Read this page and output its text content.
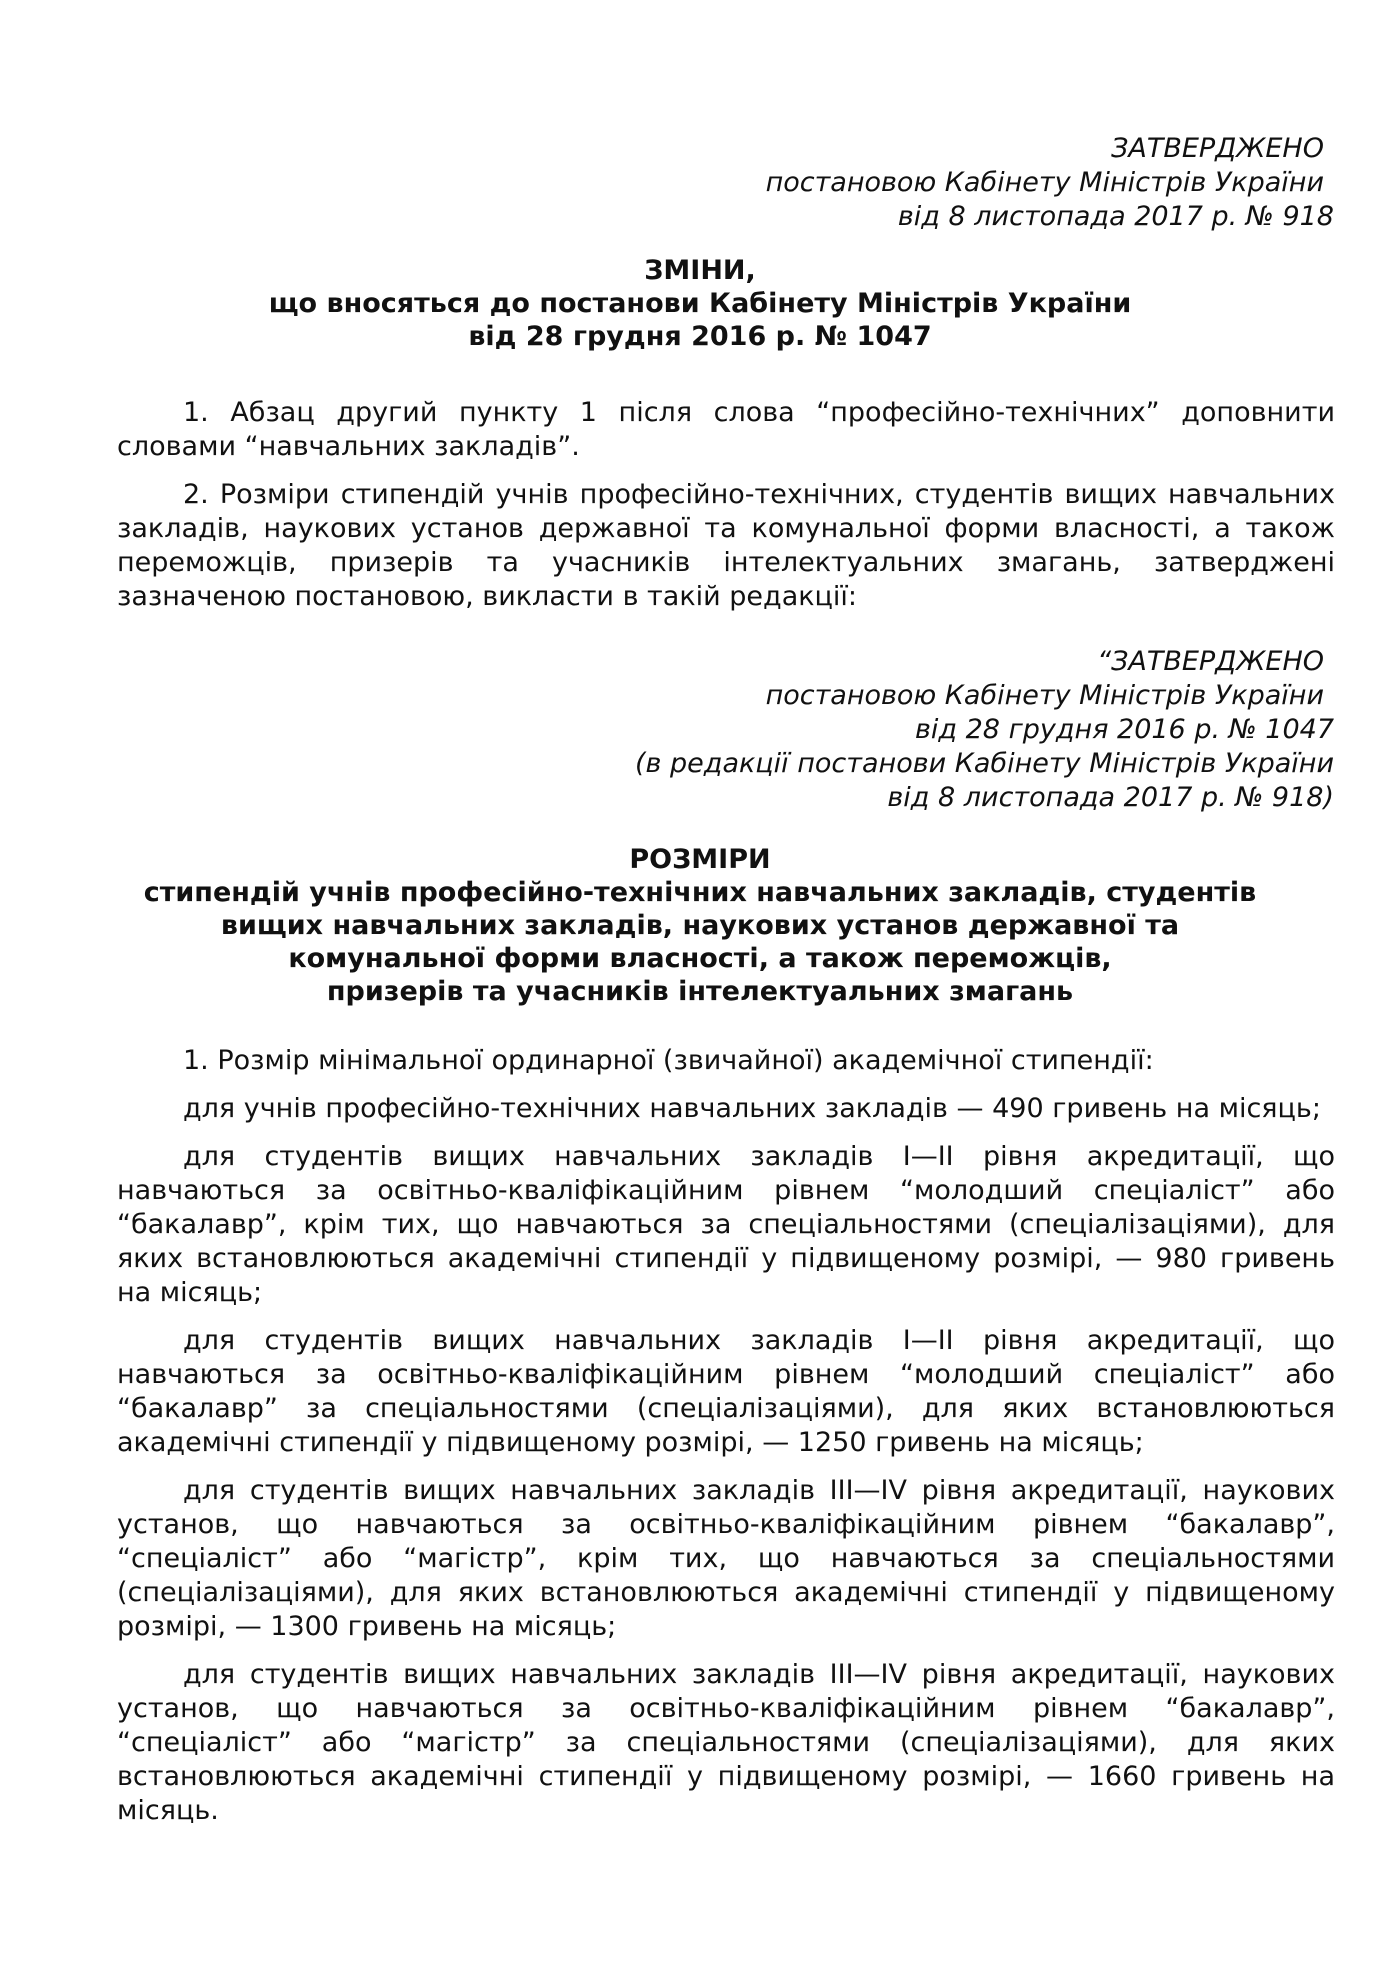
ЗАТВЕРДЖЕНО
постановою Кабінету Міністрів України
від 8 листопада 2017 р. № 918
ЗМІНИ,
що вносяться до постанови Кабінету Міністрів України
від 28 грудня 2016 р. № 1047

1. Абзац другий пункту 1 після слова “професійно-технічних” доповнити словами “навчальних закладів”.

2. Розміри стипендій учнів професійно-технічних, студентів вищих навчальних закладів, наукових установ державної та комунальної форми власності, а також переможців, призерів та учасників інтелектуальних змагань, затверджені зазначеною постановою, викласти в такій редакції:

“ЗАТВЕРДЖЕНО
постановою Кабінету Міністрів України
від 28 грудня 2016 р. № 1047
(в редакції постанови Кабінету Міністрів України
від 8 листопада 2017 р. № 918)
РОЗМІРИ
стипендій учнів професійно-технічних навчальних закладів, студентів
вищих навчальних закладів, наукових установ державної та
комунальної форми власності, а також переможців,
призерів та учасників інтелектуальних змагань

1. Розмір мінімальної ординарної (звичайної) академічної стипендії:

для учнів професійно-технічних навчальних закладів — 490 гривень на місяць;

для студентів вищих навчальних закладів I—II рівня акредитації, що навчаються за освітньо-кваліфікаційним рівнем “молодший спеціаліст” або “бакалавр”, крім тих, що навчаються за спеціальностями (спеціалізаціями), для яких встановлюються академічні стипендії у підвищеному розмірі, — 980 гривень на місяць;

для студентів вищих навчальних закладів I—II рівня акредитації, що навчаються за освітньо-кваліфікаційним рівнем “молодший спеціаліст” або “бакалавр” за спеціальностями (спеціалізаціями), для яких встановлюються академічні стипендії у підвищеному розмірі, — 1250 гривень на місяць;

для студентів вищих навчальних закладів III—IV рівня акредитації, наукових установ, що навчаються за освітньо-кваліфікаційним рівнем “бакалавр”, “спеціаліст” або “магістр”, крім тих, що навчаються за спеціальностями (спеціалізаціями), для яких встановлюються академічні стипендії у підвищеному розмірі, — 1300 гривень на місяць;

для студентів вищих навчальних закладів III—IV рівня акредитації, наукових установ, що навчаються за освітньо-кваліфікаційним рівнем “бакалавр”, “спеціаліст” або “магістр” за спеціальностями (спеціалізаціями), для яких встановлюються академічні стипендії у підвищеному розмірі, — 1660 гривень на місяць.
